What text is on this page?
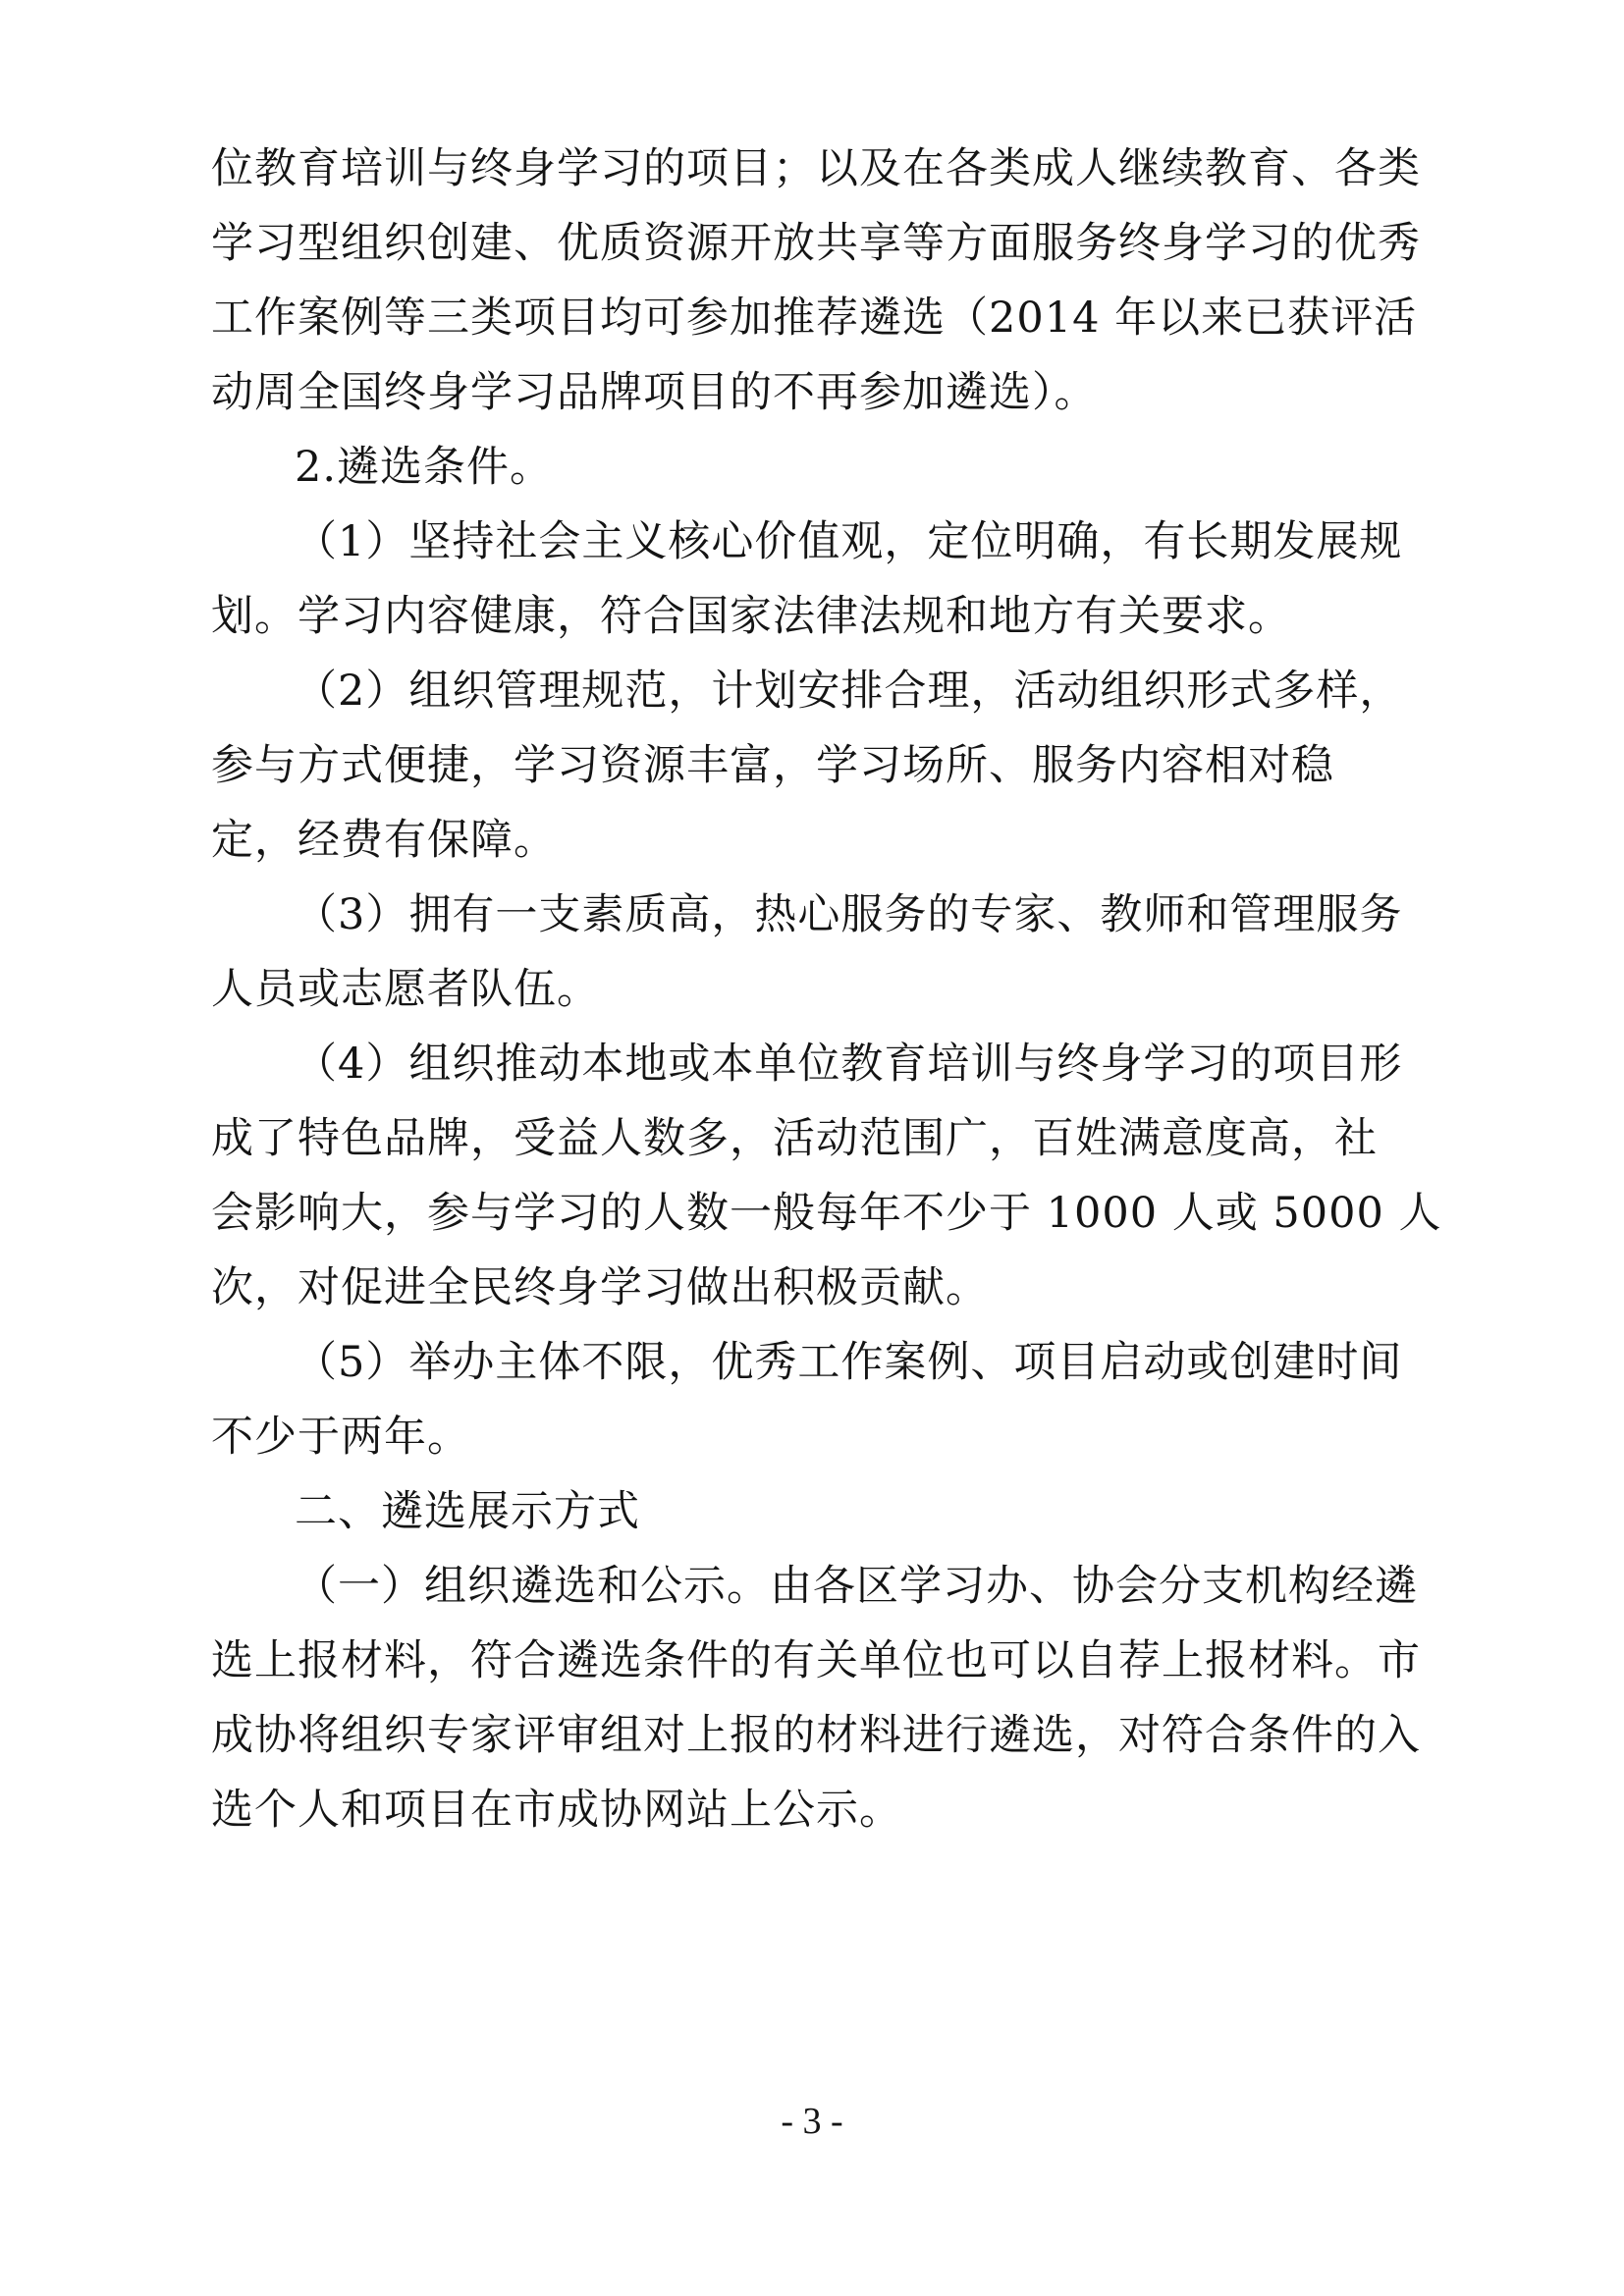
位教育培训与终身学习的项目；以及在各类成人继续教育、各类
学习型组织创建、优质资源开放共享等方面服务终身学习的优秀
工作案例等三类项目均可参加推荐遴选（2014 年以来已获评活
动周全国终身学习品牌项目的不再参加遴选）。
2.遴选条件。
（1）坚持社会主义核心价值观，定位明确，有长期发展规
划。学习内容健康，符合国家法律法规和地方有关要求。
（2）组织管理规范，计划安排合理，活动组织形式多样，
参与方式便捷，学习资源丰富，学习场所、服务内容相对稳
定，经费有保障。
（3）拥有一支素质高，热心服务的专家、教师和管理服务
人员或志愿者队伍。
（4）组织推动本地或本单位教育培训与终身学习的项目形
成了特色品牌，受益人数多，活动范围广，百姓满意度高，社
会影响大，参与学习的人数一般每年不少于 1000 人或 5000 人
次，对促进全民终身学习做出积极贡献。
（5）举办主体不限，优秀工作案例、项目启动或创建时间
不少于两年。
二、遴选展示方式
（一）组织遴选和公示。由各区学习办、协会分支机构经遴
选上报材料，符合遴选条件的有关单位也可以自荐上报材料。市
成协将组织专家评审组对上报的材料进行遴选，对符合条件的入
选个人和项目在市成协网站上公示。
- 3 -
